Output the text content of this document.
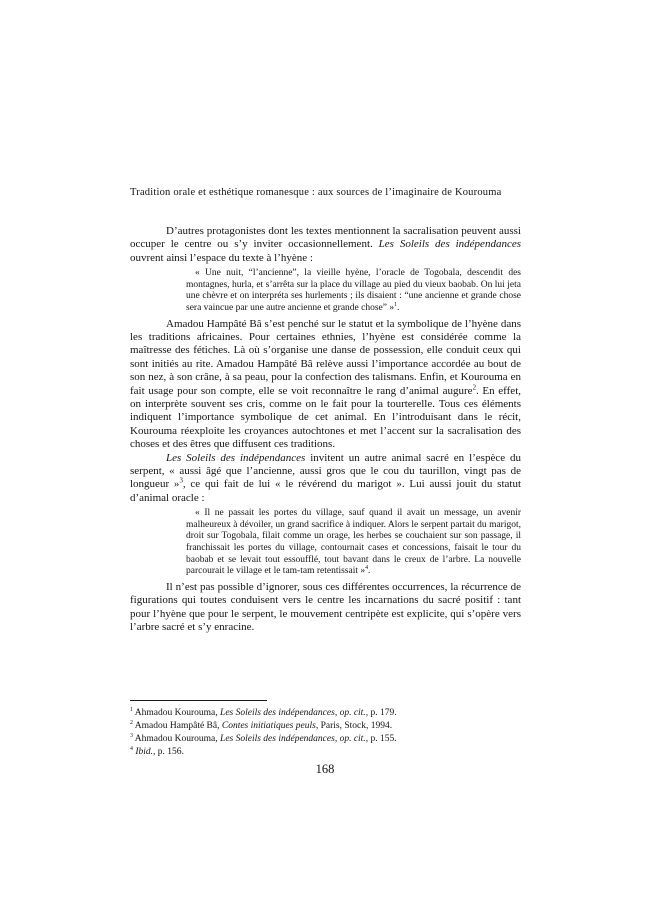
Tradition orale et esthétique romanesque : aux sources de l’imaginaire de Kourouma

D’autres protagonistes dont les textes mentionnent la sacralisation peuvent aussi occuper le centre ou s’y inviter occasionnellement. Les Soleils des indépendances ouvrent ainsi l’espace du texte à l’hyène :

« Une nuit, “l’ancienne”, la vieille hyène, l’oracle de Togobala, descendit des montagnes, hurla, et s’arrêta sur la place du village au pied du vieux baobab. On lui jeta une chèvre et on interpréta ses hurlements ; ils disaient : “une ancienne et grande chose sera vaincue par une autre ancienne et grande chose” »$^1$.

Amadou Hampâté Bâ s’est penché sur le statut et la symbolique de l’hyène dans les traditions africaines. Pour certaines ethnies, l’hyène est considérée comme la maîtresse des fétiches. Là où s’organise une danse de possession, elle conduit ceux qui sont initiés au rite. Amadou Hampâté Bâ relève aussi l’importance accordée au bout de son nez, à son crâne, à sa peau, pour la confection des talismans. Enfin, et Kourouma en fait usage pour son compte, elle se voit reconnaître le rang d’animal augure$^2$. En effet, on interprète souvent ses cris, comme on le fait pour la tourterelle. Tous ces éléments indiquent l’importance symbolique de cet animal. En l’introduisant dans le récit, Kourouma réexploite les croyances autochtones et met l’accent sur la sacralisation des choses et des êtres que diffusent ces traditions.

Les Soleils des indépendances invitent un autre animal sacré en l’espèce du serpent, « aussi âgé que l’ancienne, aussi gros que le cou du taurillon, vingt pas de longueur »$^3$, ce qui fait de lui « le révérend du marigot ». Lui aussi jouit du statut d’animal oracle :

« Il ne passait les portes du village, sauf quand il avait un message, un avenir malheureux à dévoiler, un grand sacrifice à indiquer. Alors le serpent partait du marigot, droit sur Togobala, filait comme un orage, les herbes se couchaient sur son passage, il franchissait les portes du village, contournait cases et concessions, faisait le tour du baobab et se levait tout essoufflé, tout bavant dans le creux de l’arbre. La nouvelle parcourait le village et le tam-tam retentissait »$^4$.

Il n’est pas possible d’ignorer, sous ces différentes occurrences, la récurrence de figurations qui toutes conduisent vers le centre les incarnations du sacré positif : tant pour l’hyène que pour le serpent, le mouvement centripète est explicite, qui s’opère vers l’arbre sacré et s’y enracine.

$^1$ Ahmadou Kourouma, Les Soleils des indépendances, op. cit., p. 179.

$^2$ Amadou Hampâté Bâ, Contes initiatiques peuls, Paris, Stock, 1994.

$^3$ Ahmadou Kourouma, Les Soleils des indépendances, op. cit., p. 155.

$^4$ Ibid., p. 156.

168
